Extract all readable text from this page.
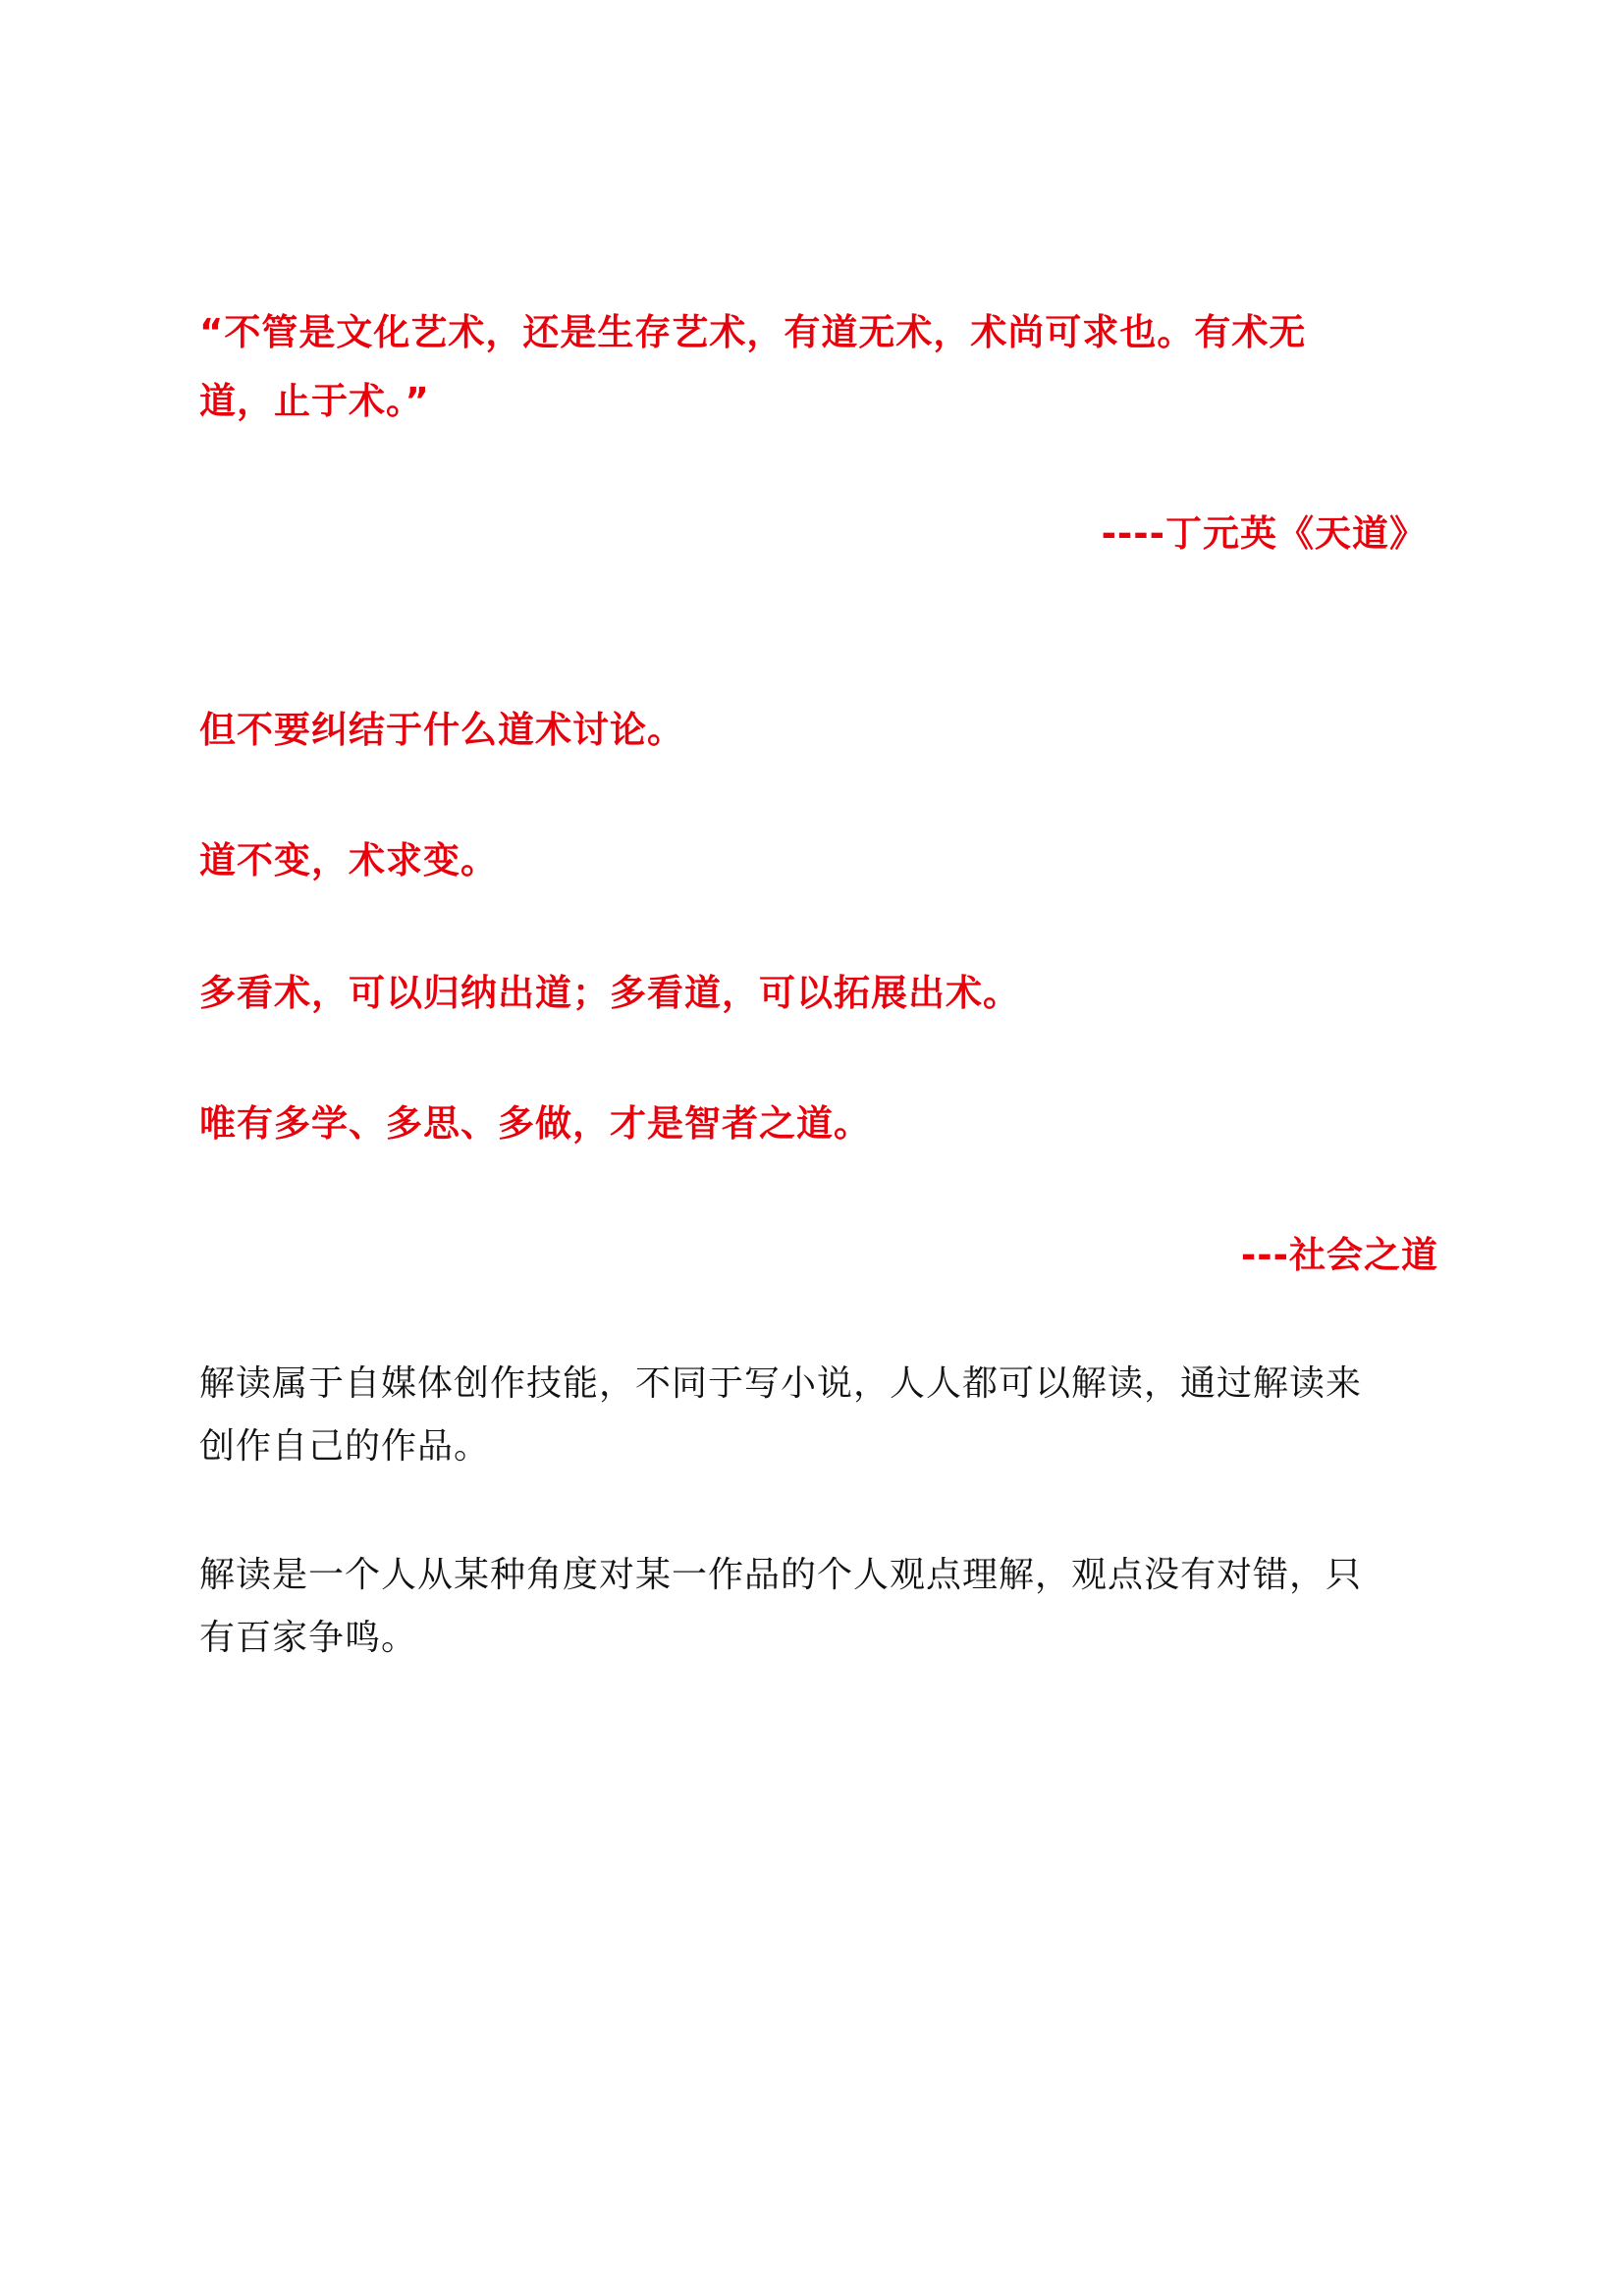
“不管是文化艺术，还是生存艺术，有道无术，术尚可求也。有术无
道，止于术。”
----丁元英《天道》
但不要纠结于什么道术讨论。
道不变，术求变。
多看术，可以归纳出道；多看道，可以拓展出术。
唯有多学、多思、多做，才是智者之道。
---社会之道
解读属于自媒体创作技能，不同于写小说，人人都可以解读，通过解读来
创作自己的作品。
解读是一个人从某种角度对某一作品的个人观点理解，观点没有对错，只
有百家争鸣。
